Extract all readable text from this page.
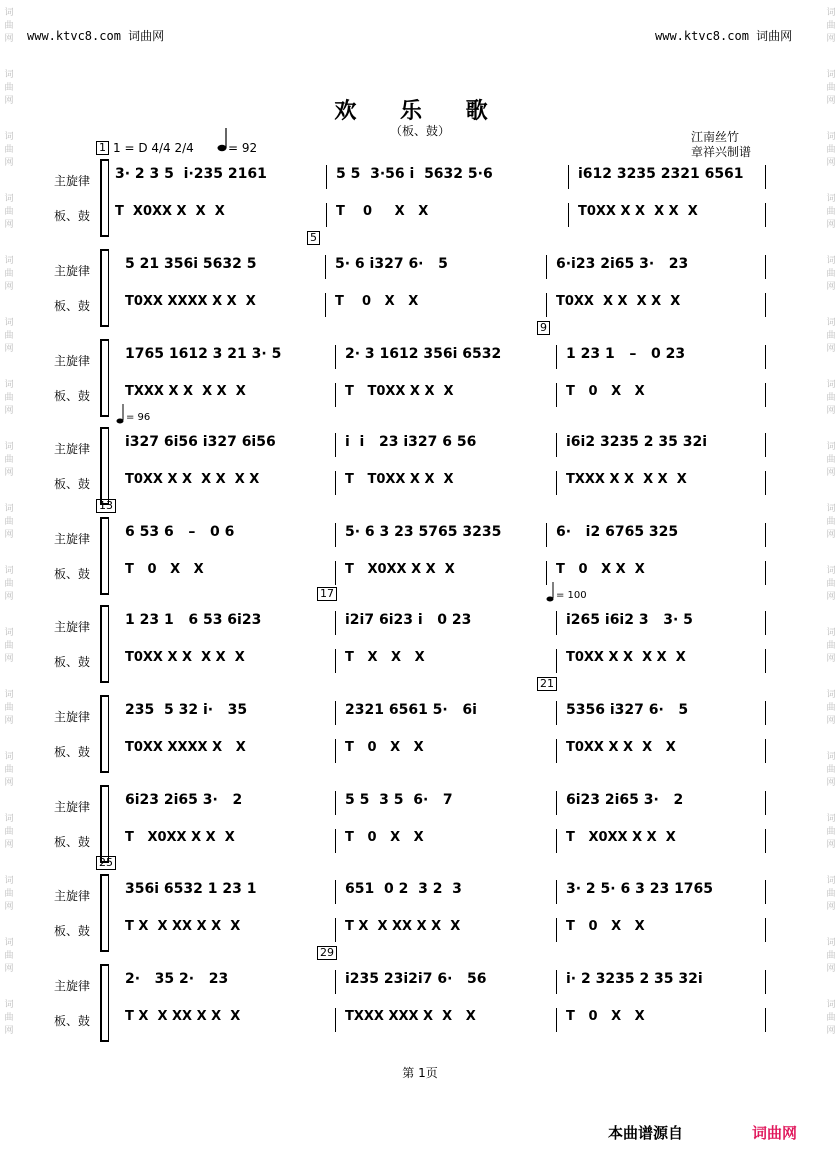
www.ktvc8.com 词曲网	www.ktvc8.com 词曲网
词
曲
网
词
曲
网
词
曲
网
词
曲
网
词
曲
网
词
曲
网
词
曲
网
词
曲
网
词
曲
网
词
曲
网
词
曲
网
词
曲
网
词
曲
网
词
曲
网
词
曲
网
词
曲
网
词
曲
网
词
曲
网
词
曲
网
词
曲
网
词
曲
网
词
曲
网
词
曲
网
词
曲
网
词
曲
网
词
曲
网
词
曲
网
词
曲
网
词
曲
网
词
曲
网
词
曲
网
词
曲
网
词
曲
网
词
曲
网
欢 乐 歌
（板、鼓）
1 = D 4/4 2/4	= 92
江南丝竹
章祥兴制谱
主旋律
板、鼓
1
3· 2 3 5  i·235 2161
T  X0XX X  X  X
5 5  3·56 i  5632 5·6
T    0     X   X
i612 3235 2321 6561
T0XX X X  X X  X
主旋律
板、鼓
5
5 21 356i 5632 5
T0XX XXXX X X  X
5· 6 i327 6·   5
T    0   X   X
6·i23 2i65 3·   23
T0XX  X X  X X  X
主旋律
板、鼓
9
1765 1612 3 21 3· 5
TXXX X X  X X  X
2· 3 1612 356i 6532
T   T0XX X X  X
1 23 1   –   0 23
T   0   X   X
主旋律
板、鼓
= 96
i327 6i56 i327 6i56
T0XX X X  X X  X X
i  i   23 i327 6 56
T   T0XX X X  X
i6i2 3235 2 35 32i
TXXX X X  X X  X
主旋律
板、鼓
13
6 53 6   –   0 6
T   0   X   X
5· 6 3 23 5765 3235
T   X0XX X X  X
6·   i2 6765 325
T   0   X X  X
主旋律
板、鼓
17	= 100
1 23 1   6 53 6i23
T0XX X X  X X  X
i2i7 6i23 i   0 23
T   X   X   X
i265 i6i2 3   3· 5
T0XX X X  X X  X
主旋律
板、鼓
21
235  5 32 i·   35
T0XX XXXX X   X
2321 6561 5·   6i
T   0   X   X
5356 i327 6·   5
T0XX X X  X   X
主旋律
板、鼓
6i23 2i65 3·   2
T   X0XX X X  X
5 5  3 5  6·   7
T   0   X   X
6i23 2i65 3·   2
T   X0XX X X  X
主旋律
板、鼓
25
356i 6532 1 23 1
T X  X XX X X  X
651  0 2  3 2  3
T X  X XX X X  X
3· 2 5· 6 3 23 1765
T   0   X   X
主旋律
板、鼓
29
2·   35 2·   23
T X  X XX X X  X
i235 23i2i7 6·   56
TXXX XXX X  X   X
i· 2 3235 2 35 32i
T   0   X   X
第 1页
本曲谱源自	词曲网
